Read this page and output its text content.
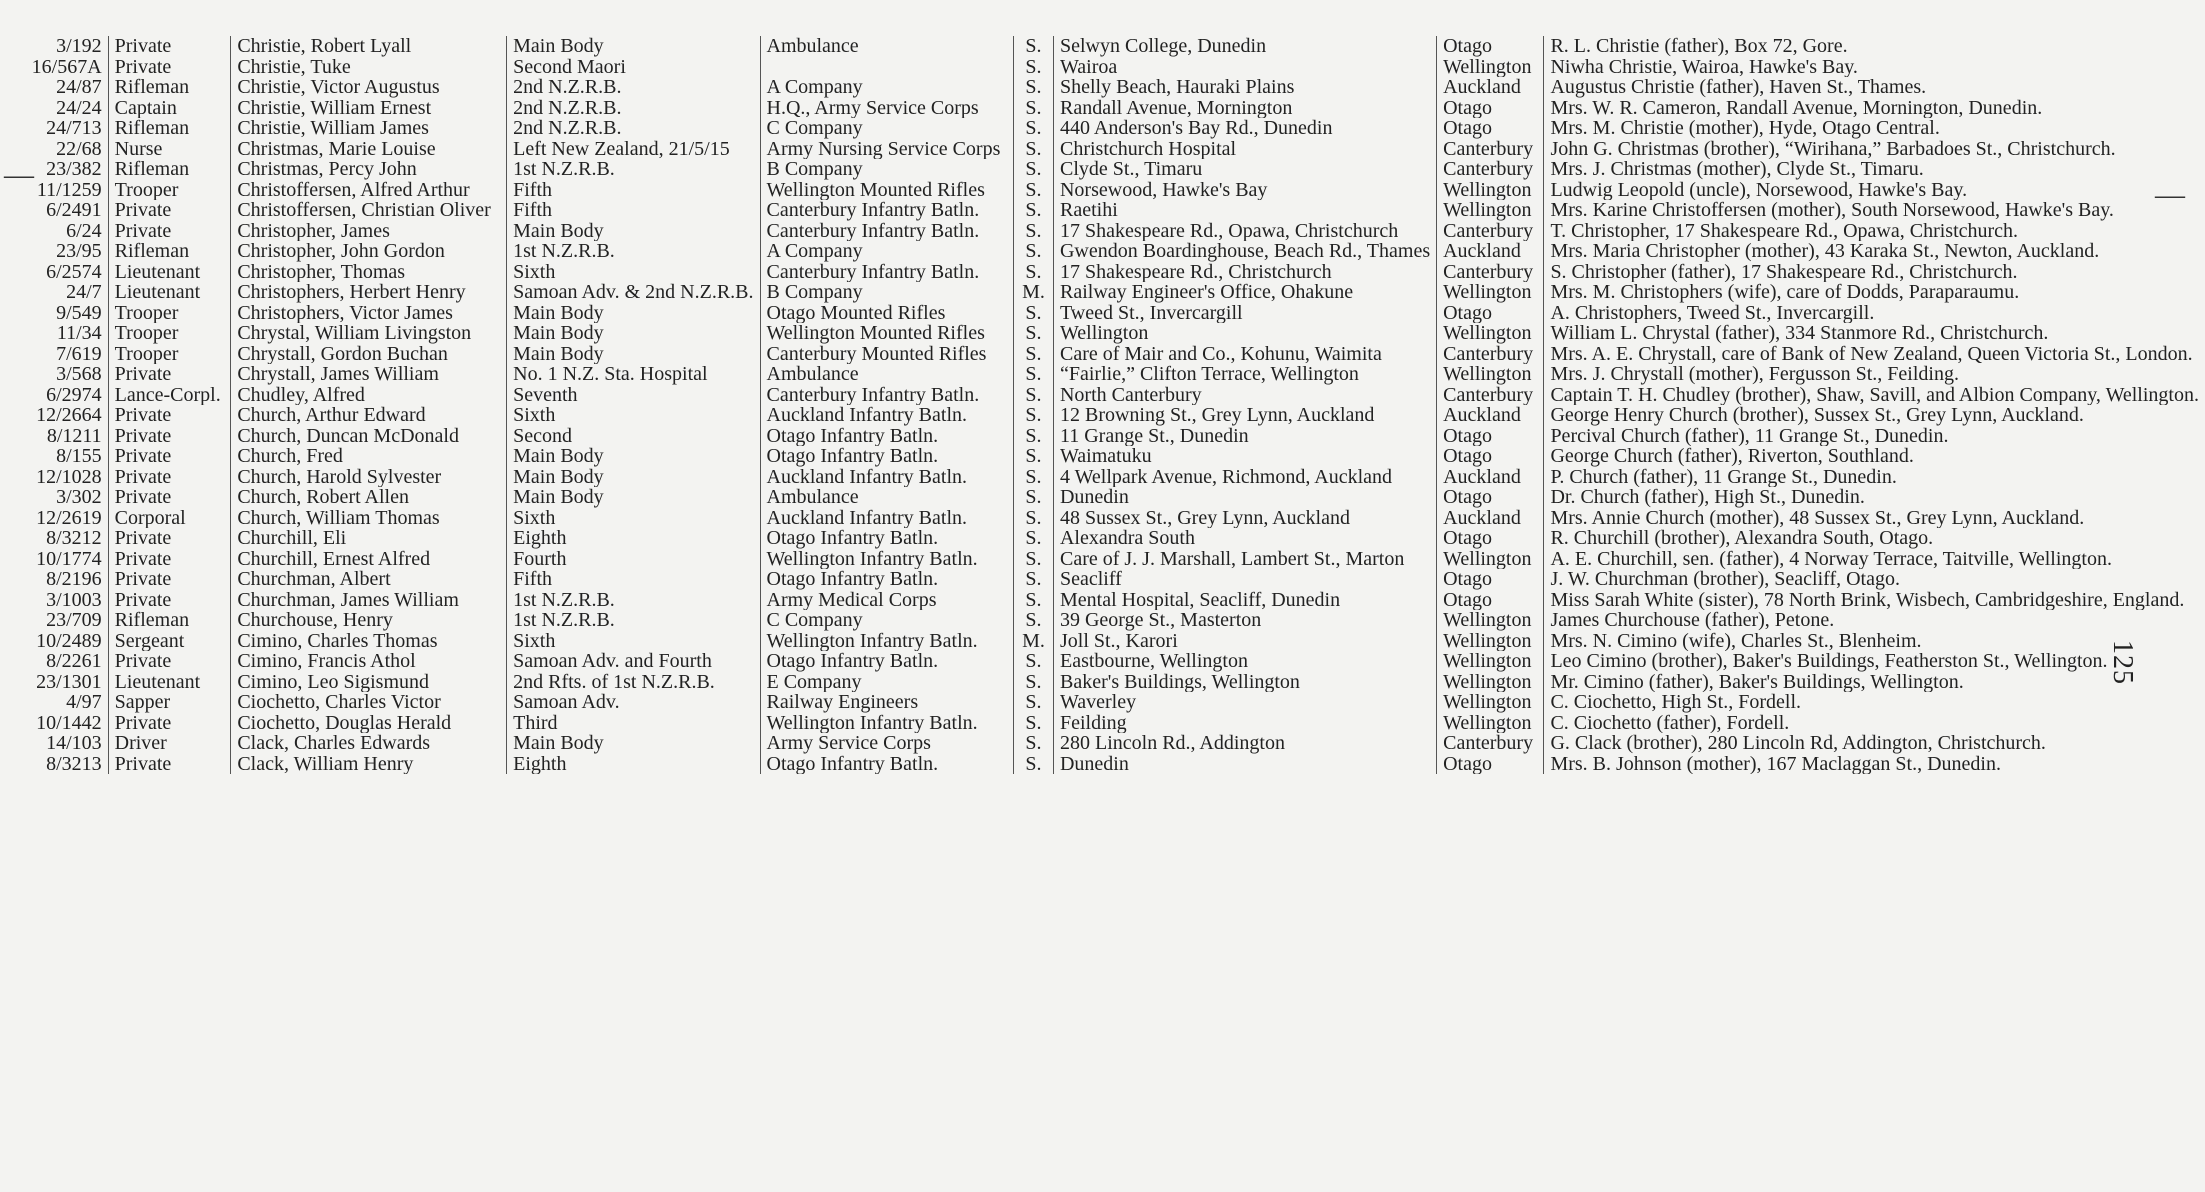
—
—
3/192	Private	Christie, Robert Lyall	Main Body	Ambulance	S.	Selwyn College, Dunedin	Otago	R. L. Christie (father), Box 72, Gore.
16/567A	Private	Christie, Tuke	Second Maori		S.	Wairoa	Wellington	Niwha Christie, Wairoa, Hawke's Bay.
24/87	Rifleman	Christie, Victor Augustus	2nd N.Z.R.B.	A Company	S.	Shelly Beach, Hauraki Plains	Auckland	Augustus Christie (father), Haven St., Thames.
24/24	Captain	Christie, William Ernest	2nd N.Z.R.B.	H.Q., Army Service Corps	S.	Randall Avenue, Mornington	Otago	Mrs. W. R. Cameron, Randall Avenue, Mornington, Dunedin.
24/713	Rifleman	Christie, William James	2nd N.Z.R.B.	C Company	S.	440 Anderson's Bay Rd., Dunedin	Otago	Mrs. M. Christie (mother), Hyde, Otago Central.
22/68	Nurse	Christmas, Marie Louise	Left New Zealand, 21/5/15	Army Nursing Service Corps	S.	Christchurch Hospital	Canterbury	John G. Christmas (brother), “Wirihana,” Barbadoes St., Christchurch.
23/382	Rifleman	Christmas, Percy John	1st N.Z.R.B.	B Company	S.	Clyde St., Timaru	Canterbury	Mrs. J. Christmas (mother), Clyde St., Timaru.
11/1259	Trooper	Christoffersen, Alfred Arthur	Fifth	Wellington Mounted Rifles	S.	Norsewood, Hawke's Bay	Wellington	Ludwig Leopold (uncle), Norsewood, Hawke's Bay.
6/2491	Private	Christoffersen, Christian Oliver	Fifth	Canterbury Infantry Batln.	S.	Raetihi	Wellington	Mrs. Karine Christoffersen (mother), South Norsewood, Hawke's Bay.
6/24	Private	Christopher, James	Main Body	Canterbury Infantry Batln.	S.	17 Shakespeare Rd., Opawa, Christchurch	Canterbury	T. Christopher, 17 Shakespeare Rd., Opawa, Christchurch.
23/95	Rifleman	Christopher, John Gordon	1st N.Z.R.B.	A Company	S.	Gwendon Boardinghouse, Beach Rd., Thames	Auckland	Mrs. Maria Christopher (mother), 43 Karaka St., Newton, Auckland.
6/2574	Lieutenant	Christopher, Thomas	Sixth	Canterbury Infantry Batln.	S.	17 Shakespeare Rd., Christchurch	Canterbury	S. Christopher (father), 17 Shakespeare Rd., Christchurch.
24/7	Lieutenant	Christophers, Herbert Henry	Samoan Adv. & 2nd N.Z.R.B.	B Company	M.	Railway Engineer's Office, Ohakune	Wellington	Mrs. M. Christophers (wife), care of Dodds, Paraparaumu.
9/549	Trooper	Christophers, Victor James	Main Body	Otago Mounted Rifles	S.	Tweed St., Invercargill	Otago	A. Christophers, Tweed St., Invercargill.
11/34	Trooper	Chrystal, William Livingston	Main Body	Wellington Mounted Rifles	S.	Wellington	Wellington	William L. Chrystal (father), 334 Stanmore Rd., Christchurch.
7/619	Trooper	Chrystall, Gordon Buchan	Main Body	Canterbury Mounted Rifles	S.	Care of Mair and Co., Kohunu, Waimita	Canterbury	Mrs. A. E. Chrystall, care of Bank of New Zealand, Queen Victoria St., London.
3/568	Private	Chrystall, James William	No. 1 N.Z. Sta. Hospital	Ambulance	S.	“Fairlie,” Clifton Terrace, Wellington	Wellington	Mrs. J. Chrystall (mother), Fergusson St., Feilding.
6/2974	Lance-Corpl.	Chudley, Alfred	Seventh	Canterbury Infantry Batln.	S.	North Canterbury	Canterbury	Captain T. H. Chudley (brother), Shaw, Savill, and Albion Company, Wellington.
12/2664	Private	Church, Arthur Edward	Sixth	Auckland Infantry Batln.	S.	12 Browning St., Grey Lynn, Auckland	Auckland	George Henry Church (brother), Sussex St., Grey Lynn, Auckland.
8/1211	Private	Church, Duncan McDonald	Second	Otago Infantry Batln.	S.	11 Grange St., Dunedin	Otago	Percival Church (father), 11 Grange St., Dunedin.
8/155	Private	Church, Fred	Main Body	Otago Infantry Batln.	S.	Waimatuku	Otago	George Church (father), Riverton, Southland.
12/1028	Private	Church, Harold Sylvester	Main Body	Auckland Infantry Batln.	S.	4 Wellpark Avenue, Richmond, Auckland	Auckland	P. Church (father), 11 Grange St., Dunedin.
3/302	Private	Church, Robert Allen	Main Body	Ambulance	S.	Dunedin	Otago	Dr. Church (father), High St., Dunedin.
12/2619	Corporal	Church, William Thomas	Sixth	Auckland Infantry Batln.	S.	48 Sussex St., Grey Lynn, Auckland	Auckland	Mrs. Annie Church (mother), 48 Sussex St., Grey Lynn, Auckland.
8/3212	Private	Churchill, Eli	Eighth	Otago Infantry Batln.	S.	Alexandra South	Otago	R. Churchill (brother), Alexandra South, Otago.
10/1774	Private	Churchill, Ernest Alfred	Fourth	Wellington Infantry Batln.	S.	Care of J. J. Marshall, Lambert St., Marton	Wellington	A. E. Churchill, sen. (father), 4 Norway Terrace, Taitville, Wellington.
8/2196	Private	Churchman, Albert	Fifth	Otago Infantry Batln.	S.	Seacliff	Otago	J. W. Churchman (brother), Seacliff, Otago.
3/1003	Private	Churchman, James William	1st N.Z.R.B.	Army Medical Corps	S.	Mental Hospital, Seacliff, Dunedin	Otago	Miss Sarah White (sister), 78 North Brink, Wisbech, Cambridgeshire, England.
23/709	Rifleman	Churchouse, Henry	1st N.Z.R.B.	C Company	S.	39 George St., Masterton	Wellington	James Churchouse (father), Petone.
10/2489	Sergeant	Cimino, Charles Thomas	Sixth	Wellington Infantry Batln.	M.	Joll St., Karori	Wellington	Mrs. N. Cimino (wife), Charles St., Blenheim.
8/2261	Private	Cimino, Francis Athol	Samoan Adv. and Fourth	Otago Infantry Batln.	S.	Eastbourne, Wellington	Wellington	Leo Cimino (brother), Baker's Buildings, Featherston St., Wellington.
23/1301	Lieutenant	Cimino, Leo Sigismund	2nd Rfts. of 1st N.Z.R.B.	E Company	S.	Baker's Buildings, Wellington	Wellington	Mr. Cimino (father), Baker's Buildings, Wellington.
4/97	Sapper	Ciochetto, Charles Victor	Samoan Adv.	Railway Engineers	S.	Waverley	Wellington	C. Ciochetto, High St., Fordell.
10/1442	Private	Ciochetto, Douglas Herald	Third	Wellington Infantry Batln.	S.	Feilding	Wellington	C. Ciochetto (father), Fordell.
14/103	Driver	Clack, Charles Edwards	Main Body	Army Service Corps	S.	280 Lincoln Rd., Addington	Canterbury	G. Clack (brother), 280 Lincoln Rd, Addington, Christchurch.
8/3213	Private	Clack, William Henry	Eighth	Otago Infantry Batln.	S.	Dunedin	Otago	Mrs. B. Johnson (mother), 167 Maclaggan St., Dunedin.
125
